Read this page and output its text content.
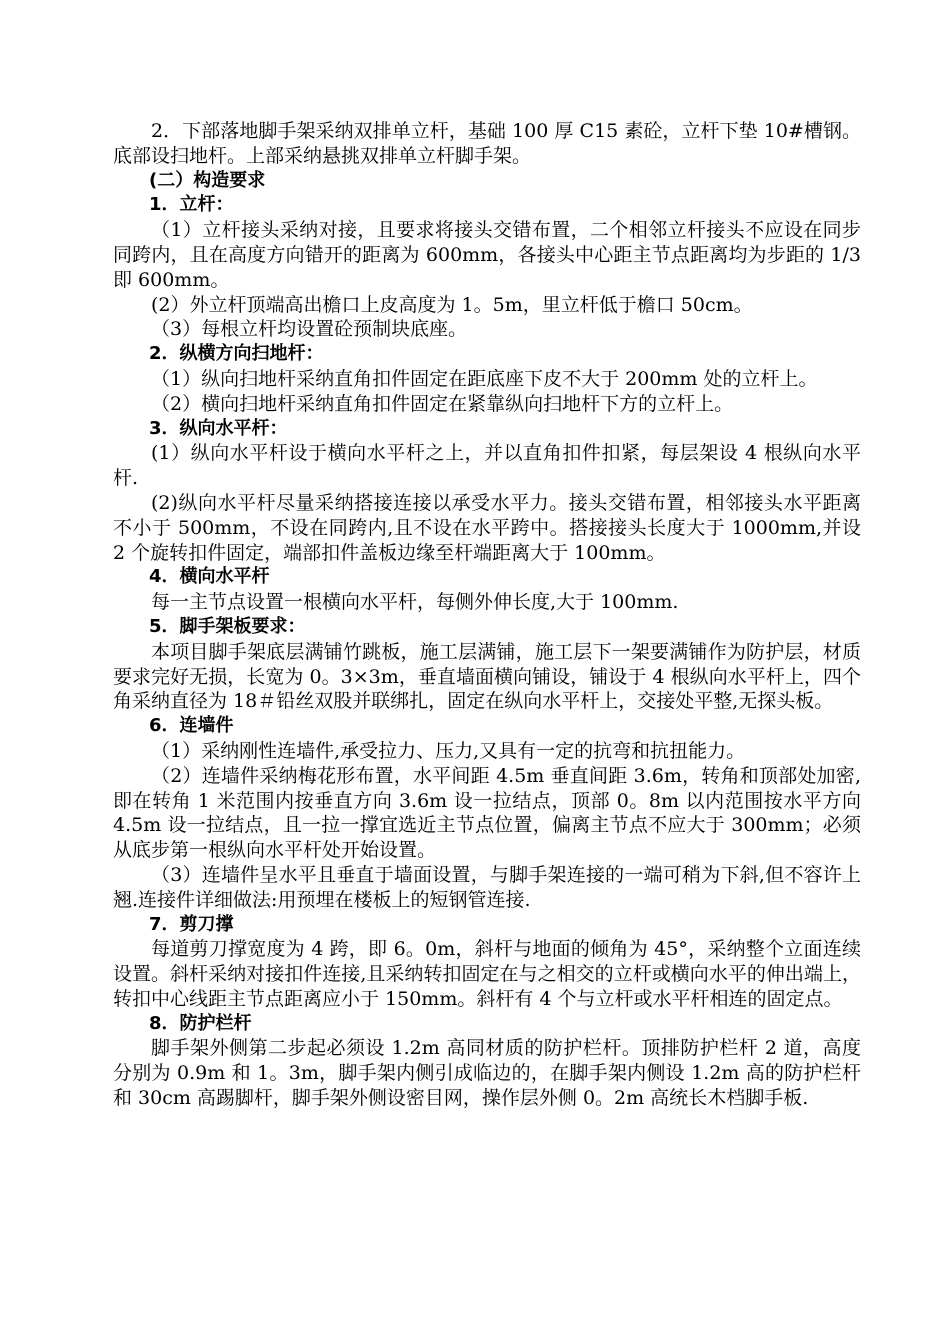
2．下部落地脚手架采纳双排单立杆，基础 100 厚 C15 素砼，立杆下垫 10#槽钢。底部设扫地杆。上部采纳悬挑双排单立杆脚手架。

(二）构造要求

1．立杆：

（1）立杆接头采纳对接，且要求将接头交错布置，二个相邻立杆接头不应设在同步同跨内，且在高度方向错开的距离为 600mm，各接头中心距主节点距离均为步距的 1/3 即 600mm。

(2）外立杆顶端高出檐口上皮高度为 1。5m，里立杆低于檐口 50cm。

（3）每根立杆均设置砼预制块底座。

2．纵横方向扫地杆：

（1）纵向扫地杆采纳直角扣件固定在距底座下皮不大于 200mm 处的立杆上。

（2）横向扫地杆采纳直角扣件固定在紧靠纵向扫地杆下方的立杆上。

3．纵向水平杆：

(1）纵向水平杆设于横向水平杆之上，并以直角扣件扣紧，每层架设 4 根纵向水平杆.

(2)纵向水平杆尽量采纳搭接连接以承受水平力。接头交错布置，相邻接头水平距离不小于 500mm，不设在同跨内,且不设在水平跨中。搭接接头长度大于 1000mm,并设 2 个旋转扣件固定，端部扣件盖板边缘至杆端距离大于 100mm。

4．横向水平杆

每一主节点设置一根横向水平杆，每侧外伸长度,大于 100mm.

5．脚手架板要求：

本项目脚手架底层满铺竹跳板，施工层满铺，施工层下一架要满铺作为防护层，材质要求完好无损，长宽为 0。3×3m，垂直墙面横向铺设，铺设于 4 根纵向水平杆上，四个角采纳直径为 18＃铅丝双股并联绑扎，固定在纵向水平杆上，交接处平整,无探头板。

6．连墙件

（1）采纳刚性连墙件,承受拉力、压力,又具有一定的抗弯和抗扭能力。

（2）连墙件采纳梅花形布置，水平间距 4.5m 垂直间距 3.6m，转角和顶部处加密,即在转角 1 米范围内按垂直方向 3.6m 设一拉结点，顶部 0。8m 以内范围按水平方向 4.5m 设一拉结点，且一拉一撑宜选近主节点位置，偏离主节点不应大于 300mm；必须从底步第一根纵向水平杆处开始设置。

（3）连墙件呈水平且垂直于墙面设置，与脚手架连接的一端可稍为下斜,但不容许上翘.连接件详细做法:用预埋在楼板上的短钢管连接.

7．剪刀撑

每道剪刀撑宽度为 4 跨，即 6。0m，斜杆与地面的倾角为 45°，采纳整个立面连续设置。斜杆采纳对接扣件连接,且采纳转扣固定在与之相交的立杆或横向水平的伸出端上，转扣中心线距主节点距离应小于 150mm。斜杆有 4 个与立杆或水平杆相连的固定点。

8．防护栏杆

脚手架外侧第二步起必须设 1.2m 高同材质的防护栏杆。顶排防护栏杆 2 道，高度分别为 0.9m 和 1。3m，脚手架内侧引成临边的，在脚手架内侧设 1.2m 高的防护栏杆和 30cm 高踢脚杆，脚手架外侧设密目网，操作层外侧 0。2m 高统长木档脚手板.
